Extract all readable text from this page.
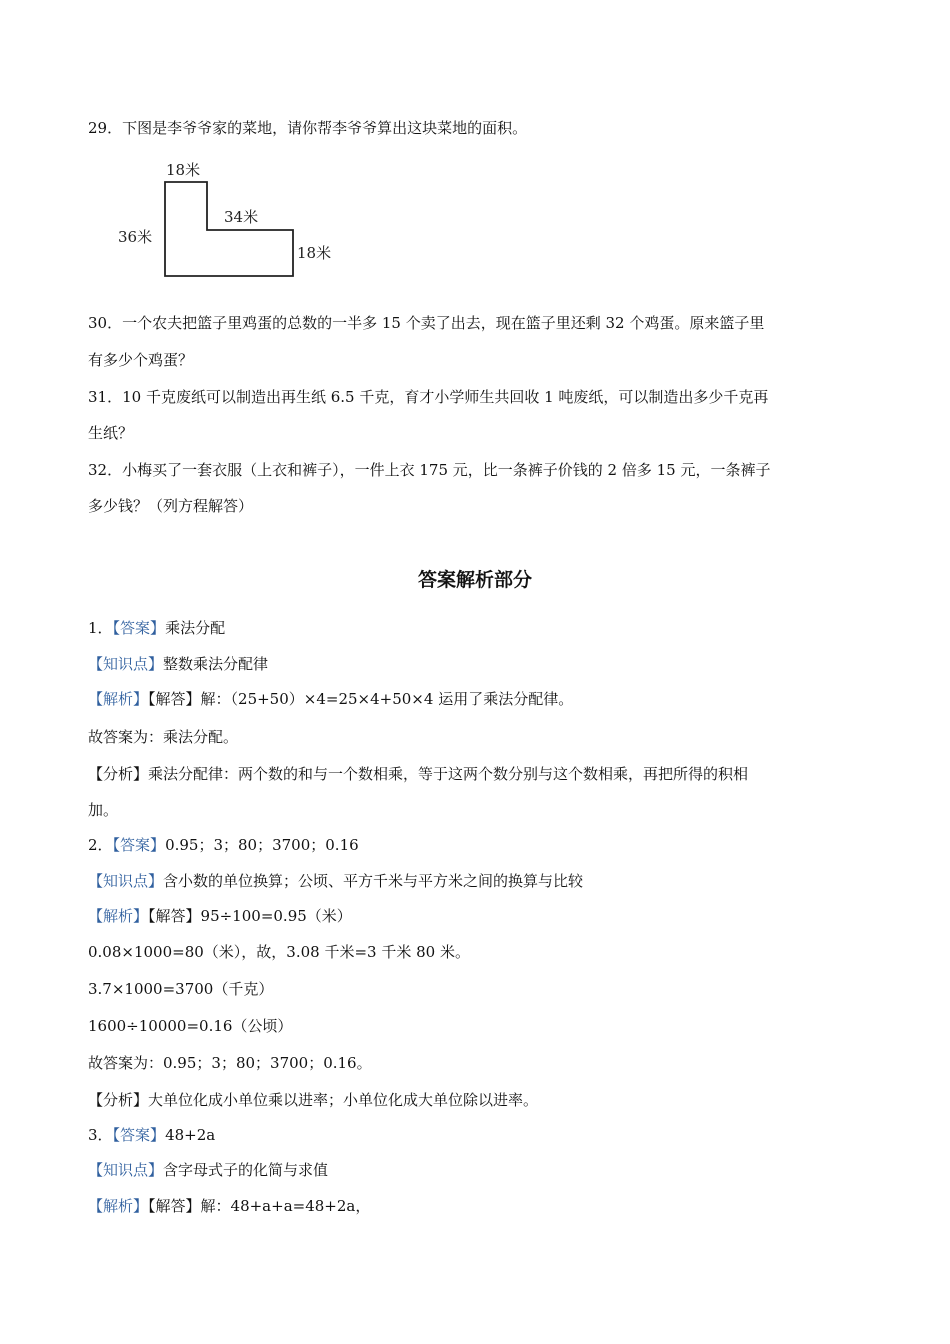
29．下图是李爷爷家的菜地，请你帮李爷爷算出这块菜地的面积。
18米
36米
34米
18米
30．一个农夫把篮子里鸡蛋的总数的一半多 15 个卖了出去，现在篮子里还剩 32 个鸡蛋。原来篮子里
有多少个鸡蛋？
31．10 千克废纸可以制造出再生纸 6.5 千克，育才小学师生共回收 1 吨废纸，可以制造出多少千克再
生纸？
32．小梅买了一套衣服（上衣和裤子），一件上衣 175 元，比一条裤子价钱的 2 倍多 15 元，一条裤子
多少钱？（列方程解答）
答案解析部分
1．【答案】乘法分配
【知识点】整数乘法分配律
【解析】【解答】解：（25+50）×4=25×4+50×4 运用了乘法分配律。
故答案为：乘法分配。
【分析】乘法分配律：两个数的和与一个数相乘，等于这两个数分别与这个数相乘，再把所得的积相
加。
2．【答案】0.95；3；80；3700；0.16
【知识点】含小数的单位换算；公顷、平方千米与平方米之间的换算与比较
【解析】【解答】95÷100=0.95（米）
0.08×1000=80（米），故，3.08 千米=3 千米 80 米。
3.7×1000=3700（千克）
1600÷10000=0.16（公顷）
故答案为：0.95；3；80；3700；0.16。
【分析】大单位化成小单位乘以进率；小单位化成大单位除以进率。
3．【答案】48+2a
【知识点】含字母式子的化简与求值
【解析】【解答】解：48+a+a=48+2a，
